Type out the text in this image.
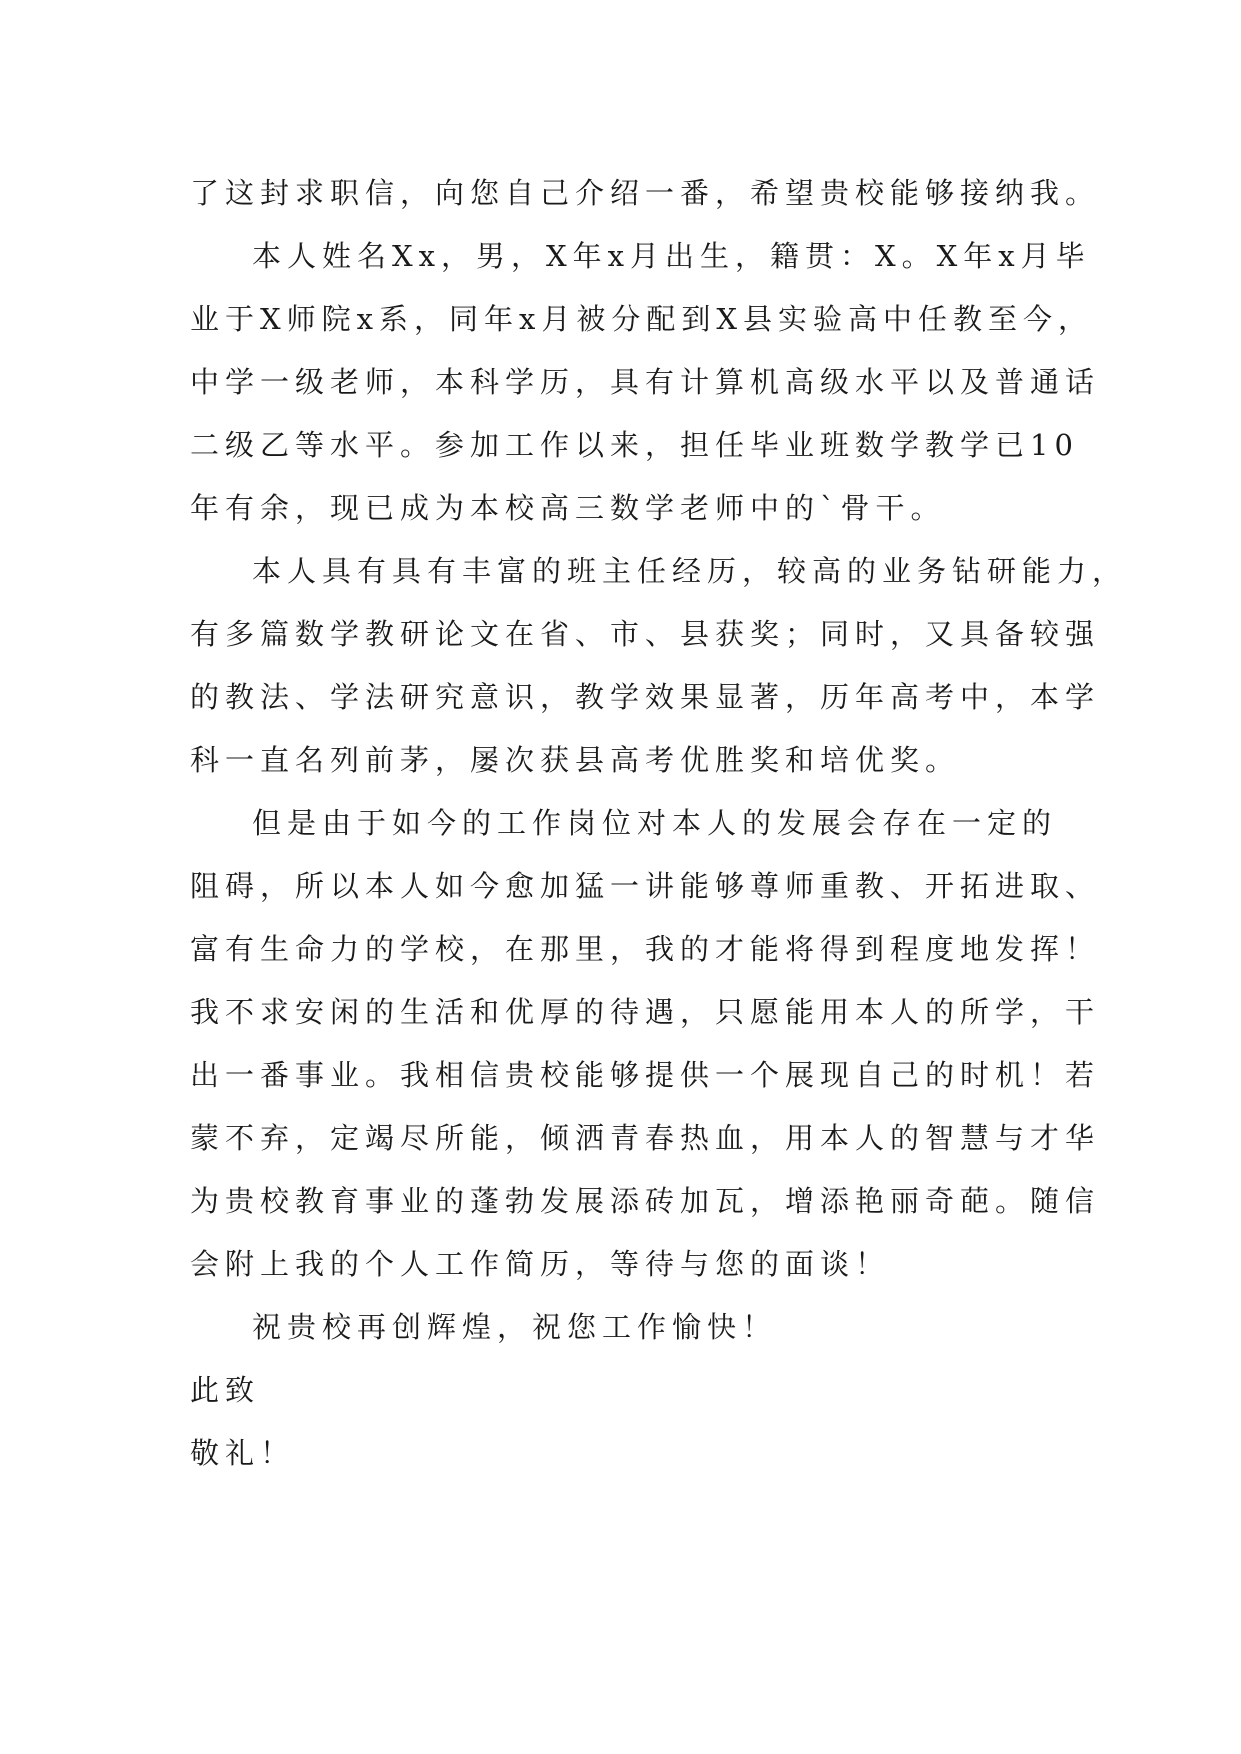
了这封求职信，向您自己介绍一番，希望贵校能够接纳我。
本人姓名Xx，男，X年x月出生，籍贯：X。X年x月毕
业于X师院x系，同年x月被分配到X县实验高中任教至今，
中学一级老师，本科学历，具有计算机高级水平以及普通话
二级乙等水平。参加工作以来，担任毕业班数学教学已10
年有余，现已成为本校高三数学老师中的`骨干。
本人具有具有丰富的班主任经历，较高的业务钻研能力，
有多篇数学教研论文在省、市、县获奖；同时，又具备较强
的教法、学法研究意识，教学效果显著，历年高考中，本学
科一直名列前茅，屡次获县高考优胜奖和培优奖。
但是由于如今的工作岗位对本人的发展会存在一定的
阻碍，所以本人如今愈加猛一讲能够尊师重教、开拓进取、
富有生命力的学校，在那里，我的才能将得到程度地发挥！
我不求安闲的生活和优厚的待遇，只愿能用本人的所学，干
出一番事业。我相信贵校能够提供一个展现自己的时机！若
蒙不弃，定竭尽所能，倾洒青春热血，用本人的智慧与才华
为贵校教育事业的蓬勃发展添砖加瓦，增添艳丽奇葩。随信
会附上我的个人工作简历，等待与您的面谈！
祝贵校再创辉煌，祝您工作愉快！
此致
敬礼！
